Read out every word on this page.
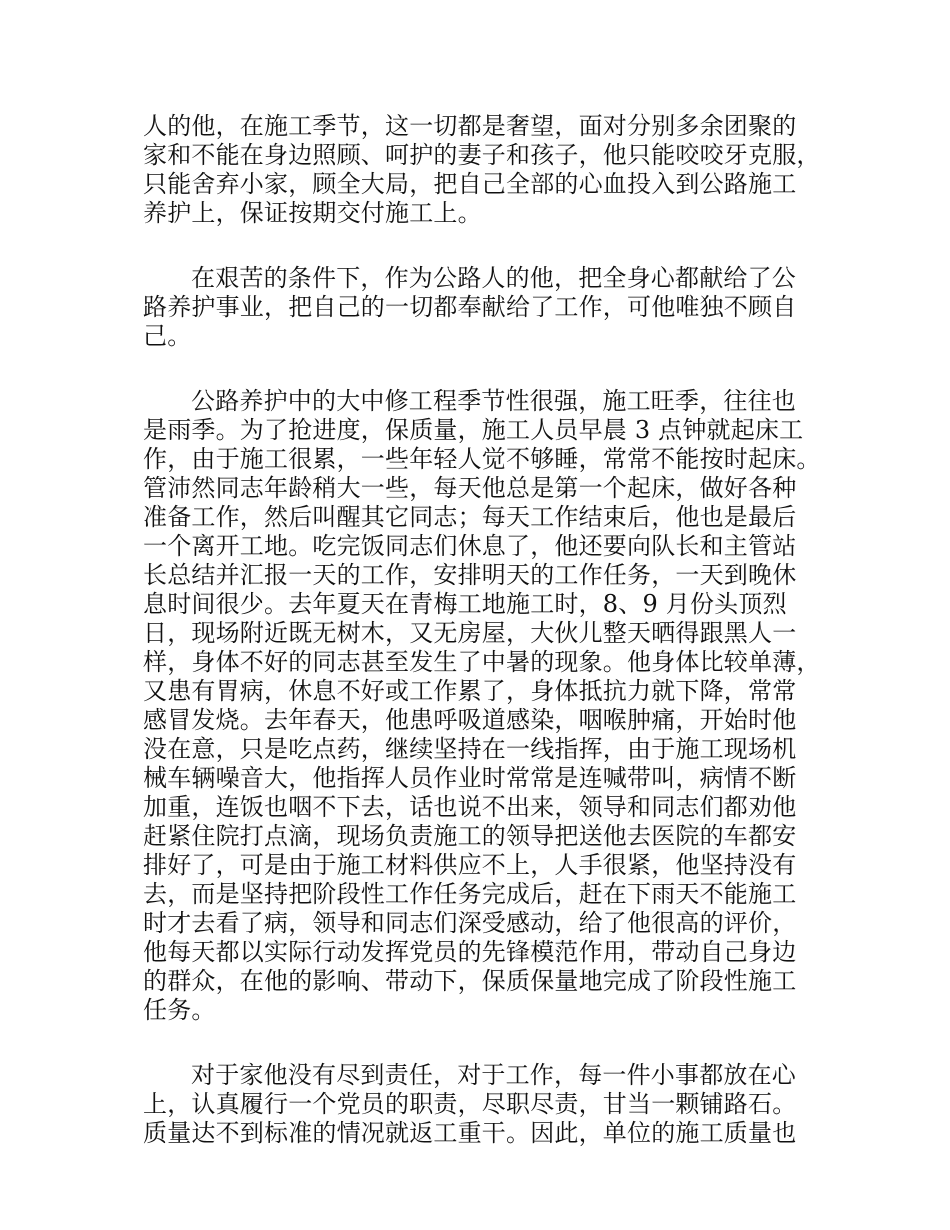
人的他，在施工季节，这一切都是奢望，面对分别多余团聚的
家和不能在身边照顾、呵护的妻子和孩子，他只能咬咬牙克服，
只能舍弃小家，顾全大局，把自己全部的心血投入到公路施工
养护上，保证按期交付施工上。

在艰苦的条件下，作为公路人的他，把全身心都献给了公
路养护事业，把自己的一切都奉献给了工作，可他唯独不顾自
己。

公路养护中的大中修工程季节性很强，施工旺季，往往也
是雨季。为了抢进度，保质量，施工人员早晨 3 点钟就起床工
作，由于施工很累，一些年轻人觉不够睡，常常不能按时起床。
管沛然同志年龄稍大一些，每天他总是第一个起床，做好各种
准备工作，然后叫醒其它同志；每天工作结束后，他也是最后
一个离开工地。吃完饭同志们休息了，他还要向队长和主管站
长总结并汇报一天的工作，安排明天的工作任务，一天到晚休
息时间很少。去年夏天在青梅工地施工时，8、9 月份头顶烈
日，现场附近既无树木，又无房屋，大伙儿整天晒得跟黑人一
样，身体不好的同志甚至发生了中暑的现象。他身体比较单薄，
又患有胃病，休息不好或工作累了，身体抵抗力就下降，常常
感冒发烧。去年春天，他患呼吸道感染，咽喉肿痛，开始时他
没在意，只是吃点药，继续坚持在一线指挥，由于施工现场机
械车辆噪音大，他指挥人员作业时常常是连喊带叫，病情不断
加重，连饭也咽不下去，话也说不出来，领导和同志们都劝他
赶紧住院打点滴，现场负责施工的领导把送他去医院的车都安
排好了，可是由于施工材料供应不上，人手很紧，他坚持没有
去，而是坚持把阶段性工作任务完成后，赶在下雨天不能施工
时才去看了病，领导和同志们深受感动，给了他很高的评价，
他每天都以实际行动发挥党员的先锋模范作用，带动自己身边
的群众，在他的影响、带动下，保质保量地完成了阶段性施工
任务。

对于家他没有尽到责任，对于工作，每一件小事都放在心
上，认真履行一个党员的职责，尽职尽责，甘当一颗铺路石。
质量达不到标准的情况就返工重干。因此，单位的施工质量也
